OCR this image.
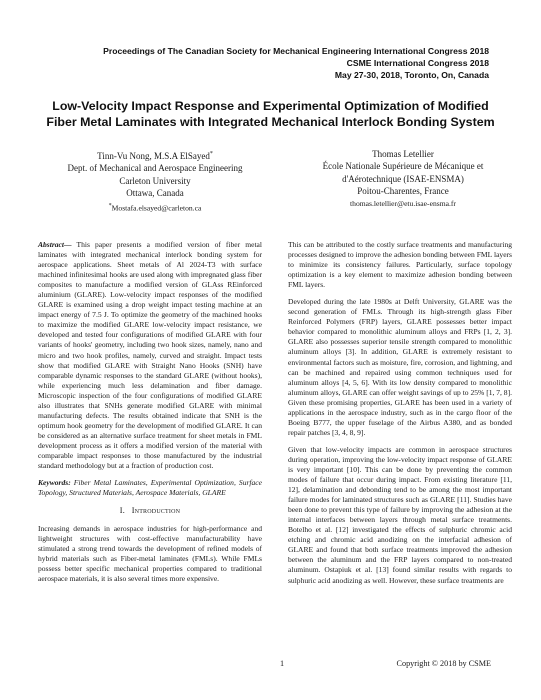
Proceedings of The Canadian Society for Mechanical Engineering International Congress 2018
CSME International Congress 2018
May 27-30, 2018, Toronto, On, Canada
Low-Velocity Impact Response and Experimental Optimization of Modified
Fiber Metal Laminates with Integrated Mechanical Interlock Bonding System
Tinn-Vu Nong, M.S.A ElSayed*
Dept. of Mechanical and Aerospace Engineering
Carleton University
Ottawa, Canada
*Mostafa.elsayed@carleton.ca
Thomas Letellier
École Nationale Supérieure de Mécanique et
d'Aérotechnique (ISAE-ENSMA)
Poitou-Charentes, France
thomas.letellier@etu.isae-ensma.fr

Abstract— This paper presents a modified version of fiber metal laminates with integrated mechanical interlock bonding system for aerospace applications. Sheet metals of Al 2024-T3 with surface machined infinitesimal hooks are used along with impregnated glass fiber composites to manufacture a modified version of GLAss REinforced aluminium (GLARE). Low-velocity impact responses of the modified GLARE is examined using a drop weight impact testing machine at an impact energy of 7.5 J. To optimize the geometry of the machined hooks to maximize the modified GLARE low-velocity impact resistance, we developed and tested four configurations of modified GLARE with four variants of hooks' geometry, including two hook sizes, namely, nano and micro and two hook profiles, namely, curved and straight. Impact tests show that modified GLARE with Straight Nano Hooks (SNH) have comparable dynamic responses to the standard GLARE (without hooks), while experiencing much less delamination and fiber damage. Microscopic inspection of the four configurations of modified GLARE also illustrates that SNHs generate modified GLARE with minimal manufacturing defects. The results obtained indicate that SNH is the optimum hook geometry for the development of modified GLARE. It can be considered as an alternative surface treatment for sheet metals in FML development process as it offers a modified version of the material with comparable impact responses to those manufactured by the industrial standard methodology but at a fraction of production cost.

Keywords: Fiber Metal Laminates, Experimental Optimization, Surface Topology, Structured Materials, Aerospace Materials, GLARE

I. Introduction

Increasing demands in aerospace industries for high-performance and lightweight structures with cost-effective manufacturability have stimulated a strong trend towards the development of refined models of hybrid materials such as Fiber-metal laminates (FMLs). While FMLs possess better specific mechanical properties compared to traditional aerospace materials, it is also several times more expensive.

This can be attributed to the costly surface treatments and manufacturing processes designed to improve the adhesion bonding between FML layers to minimize its consistency failures. Particularly, surface topology optimization is a key element to maximize adhesion bonding between FML layers.

Developed during the late 1980s at Delft University, GLARE was the second generation of FMLs. Through its high-strength glass Fiber Reinforced Polymers (FRP) layers, GLARE possesses better impact behavior compared to monolithic aluminum alloys and FRPs [1, 2, 3]. GLARE also possesses superior tensile strength compared to monolithic aluminum alloys [3]. In addition, GLARE is extremely resistant to environmental factors such as moisture, fire, corrosion, and lightning, and can be machined and repaired using common techniques used for aluminum alloys [4, 5, 6]. With its low density compared to monolithic aluminum alloys, GLARE can offer weight savings of up to 25% [1, 7, 8]. Given these promising properties, GLARE has been used in a variety of applications in the aerospace industry, such as in the cargo floor of the Boeing B777, the upper fuselage of the Airbus A380, and as bonded repair patches [3, 4, 8, 9].

Given that low-velocity impacts are common in aerospace structures during operation, improving the low-velocity impact response of GLARE is very important [10]. This can be done by preventing the common modes of failure that occur during impact. From existing literature [11, 12], delamination and debonding tend to be among the most important failure modes for laminated structures such as GLARE [11]. Studies have been done to prevent this type of failure by improving the adhesion at the internal interfaces between layers through metal surface treatments. Botelho et al. [12] investigated the effects of sulphuric chromic acid etching and chromic acid anodizing on the interfacial adhesion of GLARE and found that both surface treatments improved the adhesion between the aluminum and the FRP layers compared to non-treated aluminum. Ostapiuk et al. [13] found similar results with regards to sulphuric acid anodizing as well. However, these surface treatments are

1	Copyright © 2018 by CSME
